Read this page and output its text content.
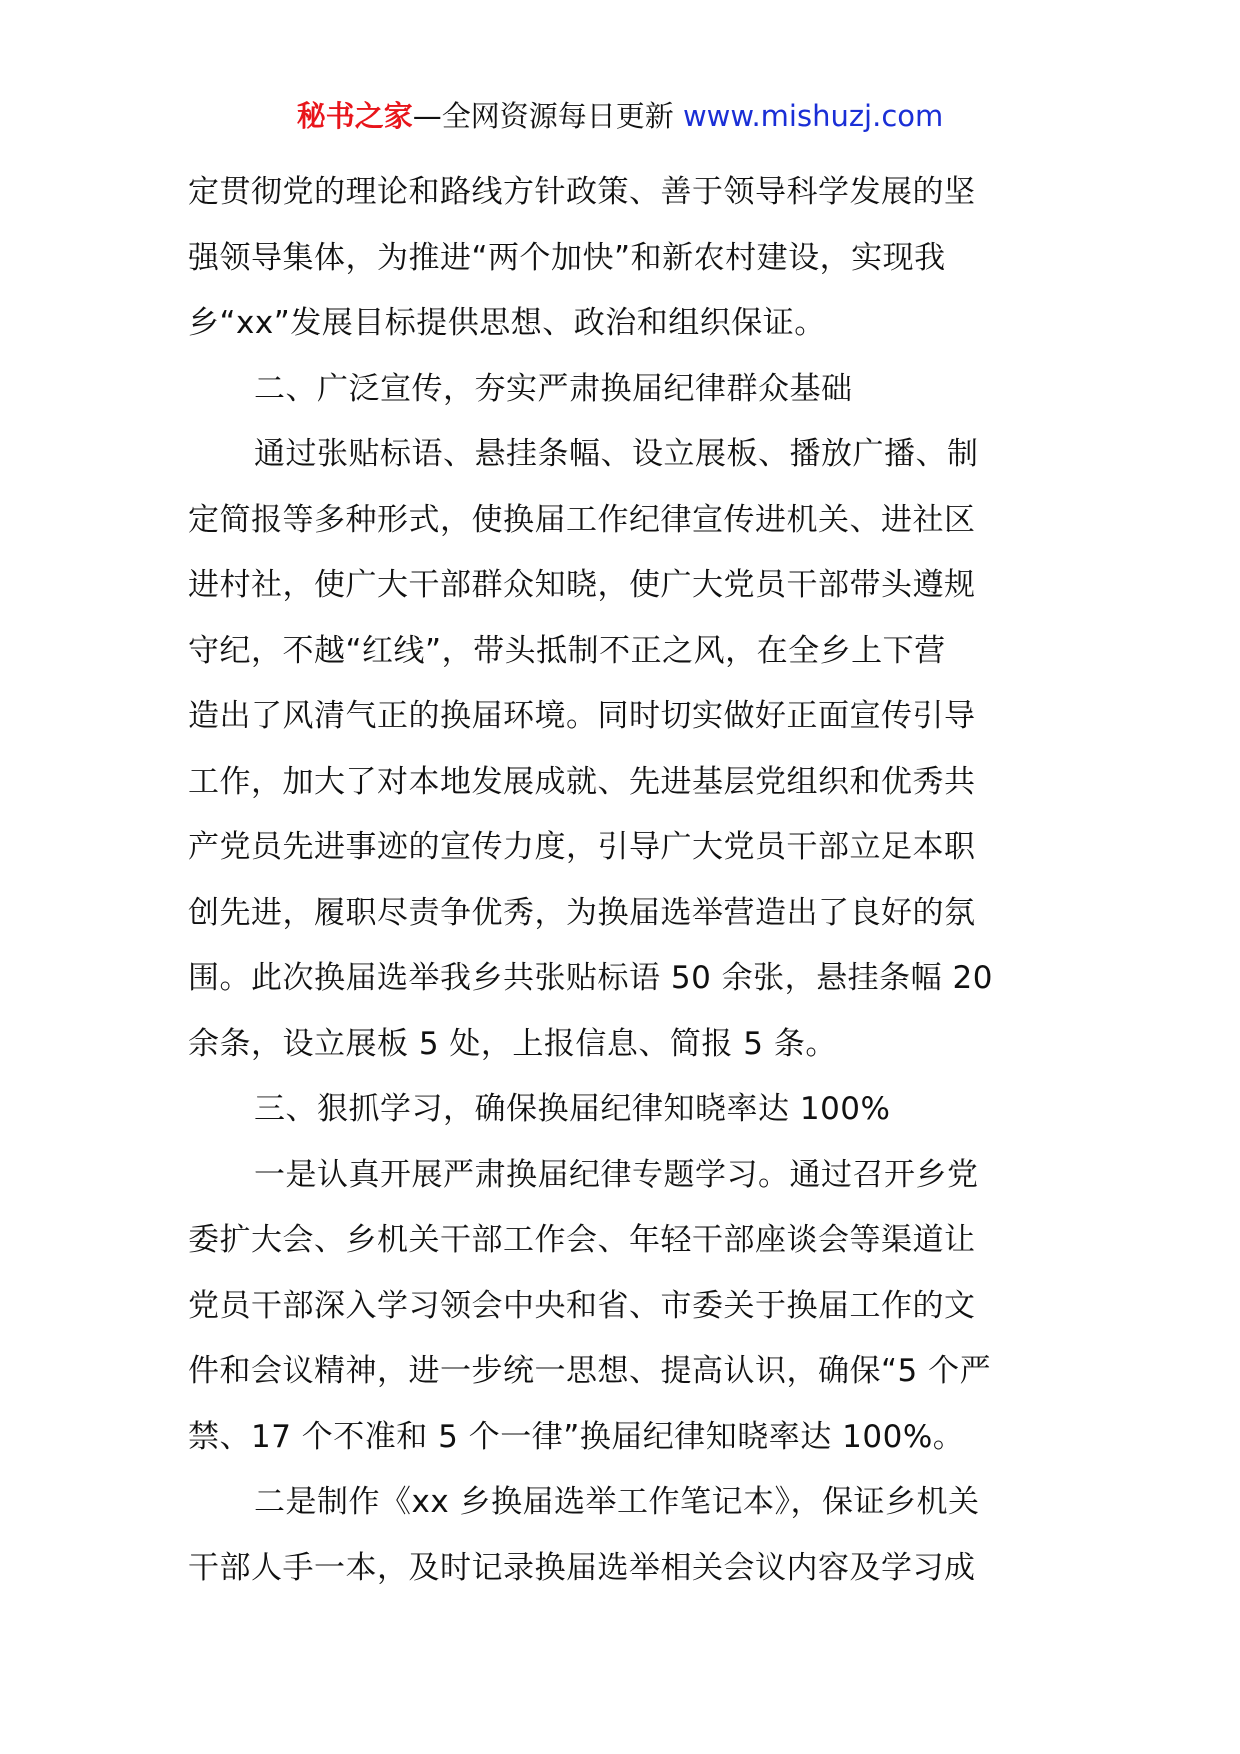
秘书之家—全网资源每日更新 www.mishuzj.com
定贯彻党的理论和路线方针政策、善于领导科学发展的坚
强领导集体，为推进“两个加快”和新农村建设，实现我
乡“xx”发展目标提供思想、政治和组织保证。
二、广泛宣传，夯实严肃换届纪律群众基础
通过张贴标语、悬挂条幅、设立展板、播放广播、制
定简报等多种形式，使换届工作纪律宣传进机关、进社区
进村社，使广大干部群众知晓，使广大党员干部带头遵规
守纪，不越“红线”，带头抵制不正之风，在全乡上下营
造出了风清气正的换届环境。同时切实做好正面宣传引导
工作，加大了对本地发展成就、先进基层党组织和优秀共
产党员先进事迹的宣传力度，引导广大党员干部立足本职
创先进，履职尽责争优秀，为换届选举营造出了良好的氛
围。此次换届选举我乡共张贴标语 50 余张，悬挂条幅 20
余条，设立展板 5 处，上报信息、简报 5 条。
三、狠抓学习，确保换届纪律知晓率达 100%
一是认真开展严肃换届纪律专题学习。通过召开乡党
委扩大会、乡机关干部工作会、年轻干部座谈会等渠道让
党员干部深入学习领会中央和省、市委关于换届工作的文
件和会议精神，进一步统一思想、提高认识，确保“5 个严
禁、17 个不准和 5 个一律”换届纪律知晓率达 100%。
二是制作《xx 乡换届选举工作笔记本》，保证乡机关
干部人手一本，及时记录换届选举相关会议内容及学习成
